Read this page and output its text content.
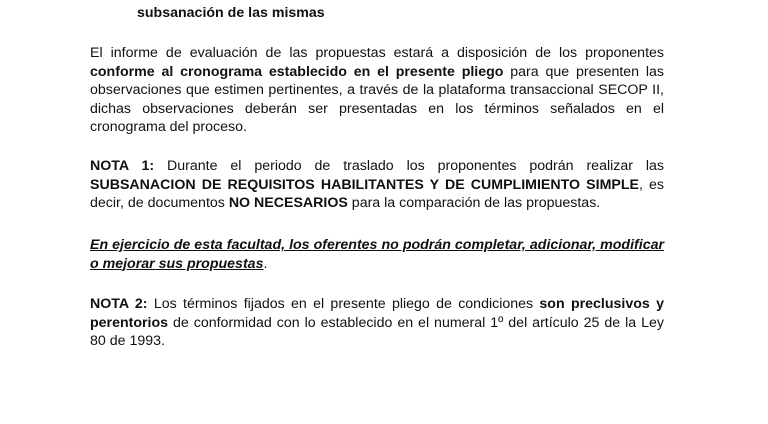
subsanación de las mismas

El informe de evaluación de las propuestas estará a disposición de los proponentes conforme al cronograma establecido en el presente pliego para que presenten las observaciones que estimen pertinentes, a través de la plataforma transaccional SECOP II, dichas observaciones deberán ser presentadas en los términos señalados en el cronograma del proceso.

NOTA 1: Durante el periodo de traslado los proponentes podrán realizar las SUBSANACION DE REQUISITOS HABILITANTES Y DE CUMPLIMIENTO SIMPLE, es decir, de documentos NO NECESARIOS para la comparación de las propuestas.

En ejercicio de esta facultad, los oferentes no podrán completar, adicionar, modificar o mejorar sus propuestas.

NOTA 2: Los términos fijados en el presente pliego de condiciones son preclusivos y perentorios de conformidad con lo establecido en el numeral 1º del artículo 25 de la Ley 80 de 1993.
